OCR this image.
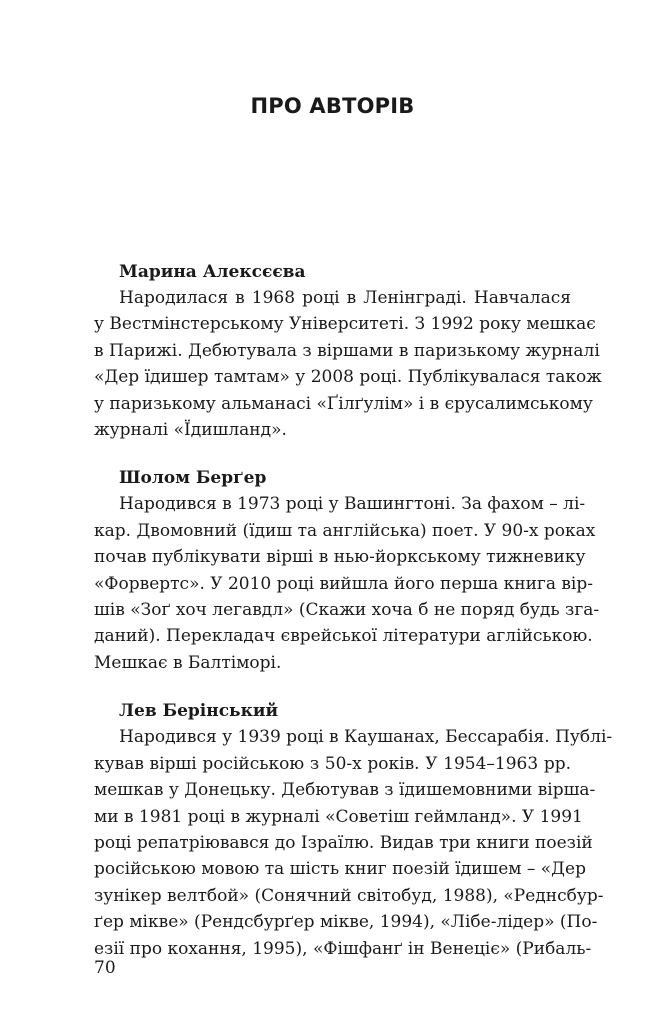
ПРО АВТОРІВ

Марина Алексєєва

Народилася в 1968 році в Ленінграді. Навчалася
у Вестмінстерському Університеті. З 1992 року мешкає
в Парижі. Дебютувала з віршами в паризькому журналі
«Дер їдишер тамтам» у 2008 році. Публікувалася також
у паризькому альманасі «Ґілґулім» і в єрусалимському
журналі «Їдишланд».

Шолом Берґер

Народився в 1973 році у Вашингтоні. За фахом – лі-
кар. Двомовний (їдиш та англійська) поет. У 90-х роках
почав публікувати вірші в нью-йоркському тижневику
«Форвертс». У 2010 році вийшла його перша книга вір-
шів «Зоґ хоч легавдл» (Скажи хоча б не поряд будь зга-
даний). Перекладач єврейської літератури аглійською.
Мешкає в Балтіморі.

Лев Берінський

Народився у 1939 році в Каушанах, Бессарабія. Публі-
кував вірші російською з 50-х років. У 1954–1963 рр.
мешкав у Донецьку. Дебютував з їдишемовними вірша-
ми в 1981 році в журналі «Советіш геймланд». У 1991
році репатріювався до Ізраїлю. Видав три книги поезій
російською мовою та шість книг поезій їдишем – «Дер
зунікер велтбой» (Сонячний світобуд, 1988), «Реднсбур-
ґер мікве» (Рендсбурґер мікве, 1994), «Лібе-лідер» (По-
езії про кохання, 1995), «Фішфанґ ін Венеціє» (Рибаль-

70
